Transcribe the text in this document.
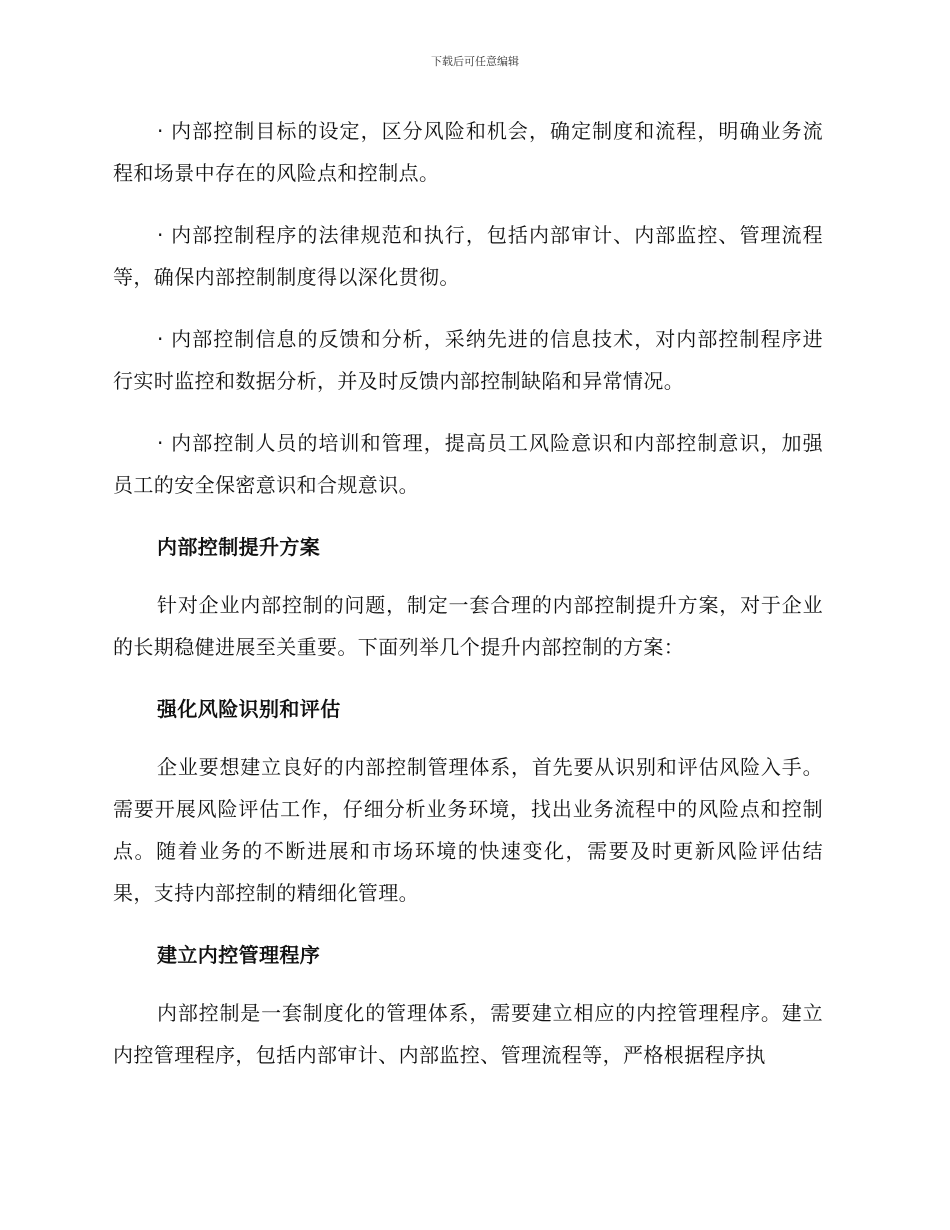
下载后可任意编辑

· 内部控制目标的设定，区分风险和机会，确定制度和流程，明确业务流程和场景中存在的风险点和控制点。

· 内部控制程序的法律规范和执行，包括内部审计、内部监控、管理流程等，确保内部控制制度得以深化贯彻。

· 内部控制信息的反馈和分析，采纳先进的信息技术，对内部控制程序进行实时监控和数据分析，并及时反馈内部控制缺陷和异常情况。

· 内部控制人员的培训和管理，提高员工风险意识和内部控制意识，加强员工的安全保密意识和合规意识。

内部控制提升方案

针对企业内部控制的问题，制定一套合理的内部控制提升方案，对于企业的长期稳健进展至关重要。下面列举几个提升内部控制的方案：

强化风险识别和评估

企业要想建立良好的内部控制管理体系，首先要从识别和评估风险入手。需要开展风险评估工作，仔细分析业务环境，找出业务流程中的风险点和控制点。随着业务的不断进展和市场环境的快速变化，需要及时更新风险评估结果，支持内部控制的精细化管理。

建立内控管理程序

内部控制是一套制度化的管理体系，需要建立相应的内控管理程序。建立内控管理程序，包括内部审计、内部监控、管理流程等，严格根据程序执
